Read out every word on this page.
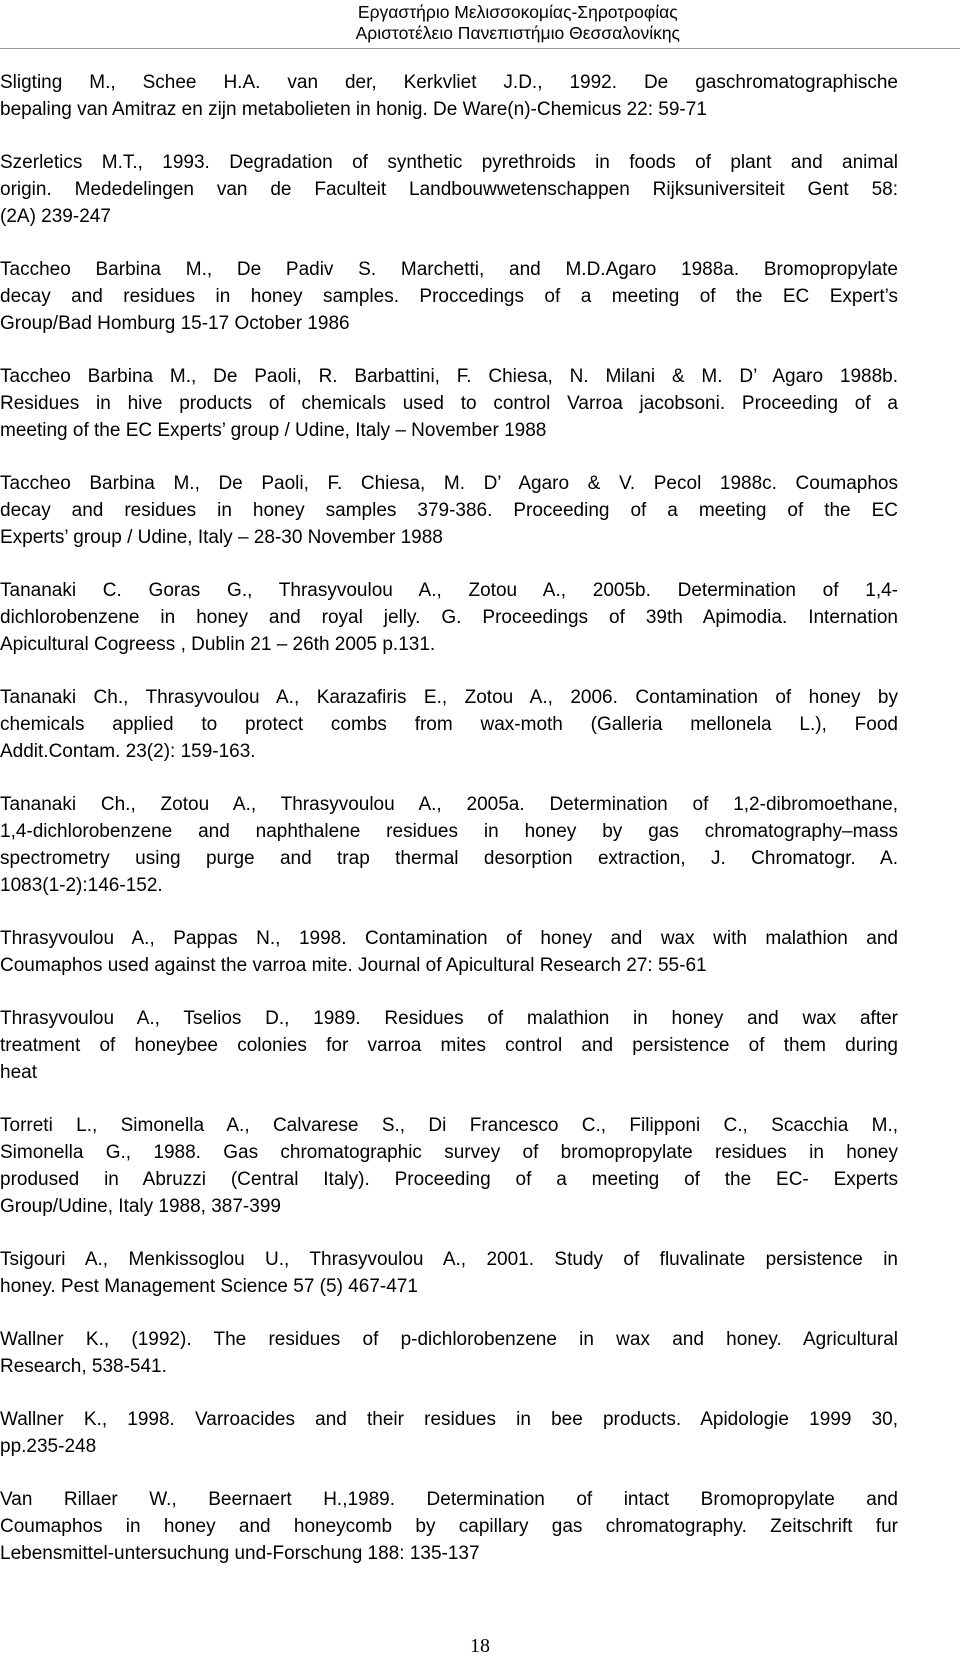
Εργαστήριο Μελισσοκομίας-Σηροτροφίας
Αριστοτέλειο Πανεπιστήμιο Θεσσαλονίκης
Sligting M., Schee H.A. van der, Kerkvliet J.D., 1992. De gaschromatographische
bepaling van Amitraz en zijn metabolieten in honig. De Ware(n)-Chemicus 22: 59-71
Szerletics M.T., 1993. Degradation of synthetic pyrethroids in foods of plant and animal
origin. Mededelingen van de Faculteit Landbouwwetenschappen Rijksuniversiteit Gent 58:
(2A) 239-247
Taccheo Barbina M., De Padiv S. Marchetti, and M.D.Agaro 1988a. Bromopropylate
decay and residues in honey samples. Proccedings of a meeting of the EC Expert’s
Group/Bad Homburg 15-17 October 1986
Taccheo Barbina M., De Paoli, R. Barbattini, F. Chiesa, N. Milani & M. D’ Agaro 1988b.
Residues in hive products of chemicals used to control Varroa jacobsoni. Proceeding of a
meeting of the EC Experts’ group / Udine, Italy – November 1988
Taccheo Barbina M., De Paoli, F. Chiesa, M. D’ Agaro & V. Pecol 1988c. Coumaphos
decay and residues in honey samples 379-386. Proceeding of a meeting of the EC
Experts’ group / Udine, Italy – 28-30 November 1988
Tananaki C. Goras G., Thrasyvoulou A., Zotou A., 2005b. Determination of 1,4-
dichlorobenzene in honey and royal jelly. G. Proceedings of 39th Apimodia. Internation
Apicultural Cogreess , Dublin 21 – 26th 2005 p.131.
Tananaki Ch., Thrasyvoulou A., Karazafiris E., Zotou A., 2006. Contamination of honey by
chemicals applied to protect combs from wax-moth (Galleria mellonela L.), Food
Addit.Contam. 23(2): 159-163.
Tananaki Ch., Zotou A., Thrasyvoulou A., 2005a. Determination of 1,2-dibromoethane,
1,4-dichlorobenzene and naphthalene residues in honey by gas chromatography–mass
spectrometry using purge and trap thermal desorption extraction, J. Chromatogr. A.
1083(1-2):146-152.
Thrasyvoulou A., Pappas N., 1998. Contamination of honey and wax with malathion and
Coumaphos used against the varroa mite. Journal of Apicultural Research 27: 55-61
Thrasyvoulou A., Tselios D., 1989. Residues of malathion in honey and wax after
treatment of honeybee colonies for varroa mites control and persistence of them during
heat
Torreti L., Simonella A., Calvarese S., Di Francesco C., Filipponi C., Scacchia M.,
Simonella G., 1988. Gas chromatographic survey of bromopropylate residues in honey
prodused in Abruzzi (Central Italy). Proceeding of a meeting of the EC- Experts
Group/Udine, Italy 1988, 387-399
Tsigouri A., Menkissoglou U., Thrasyvoulou A., 2001. Study of fluvalinate persistence in
honey. Pest Management Science 57 (5) 467-471
Wallner K., (1992). The residues of p-dichlorobenzene in wax and honey. Agricultural
Research, 538-541.
Wallner K., 1998. Varroacides and their residues in bee products. Apidologie 1999 30,
pp.235-248
Van Rillaer W., Beernaert H.,1989. Determination of intact Bromopropylate and
Coumaphos in honey and honeycomb by capillary gas chromatography. Zeitschrift fur
Lebensmittel-untersuchung und-Forschung 188: 135-137
18
